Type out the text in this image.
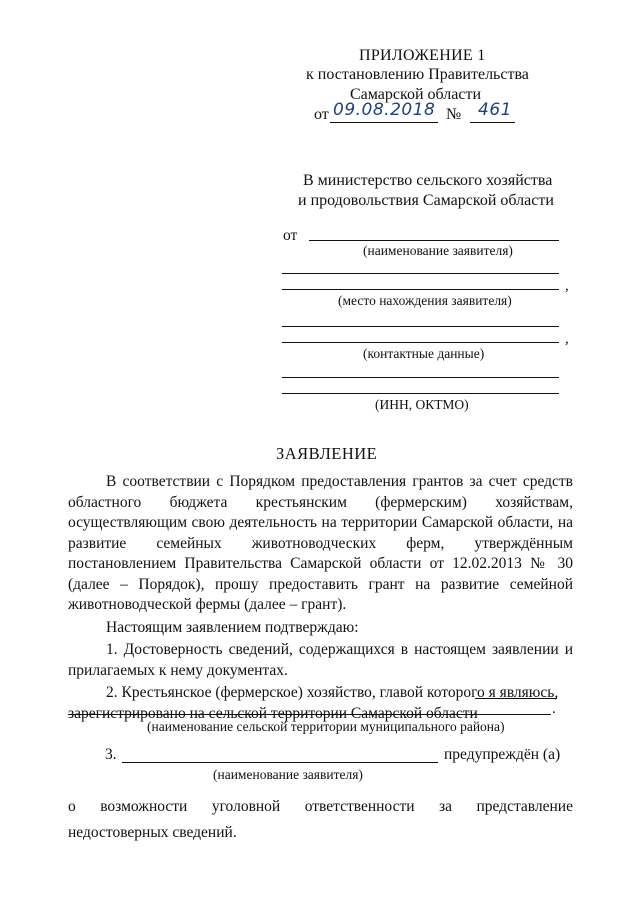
ПРИЛОЖЕНИЕ 1
к постановлению Правительства
Самарской области
от 09.08.2018 № 461
В министерство сельского хозяйства
и продовольствия Самарской области
от
(наименование заявителя)
,
(место нахождения заявителя)
,
(контактные данные)
(ИНН, ОКТМО)
ЗАЯВЛЕНИЕ

В соответствии с Порядком предоставления грантов за счет средств областного бюджета крестьянским (фермерским) хозяйствам, осуществляющим свою деятельность на территории Самарской области, на развитие семейных животноводческих ферм, утверждённым постановлением Правительства Самарской области от 12.02.2013 № 30 (далее – Порядок), прошу предоставить грант на развитие семейной животноводческой фермы (далее – грант).

Настоящим заявлением подтверждаю:

1. Достоверность сведений, содержащихся в настоящем заявлении и прилагаемых к нему документах.

2. Крестьянское (фермерское) хозяйство, главой которого я являюсь, зарегистрировано на сельской территории Самарской области	.
(наименование сельской территории муниципального района)
3.	предупреждён (а)
(наименование заявителя)

о возможности уголовной ответственности за представление недостоверных сведений.
